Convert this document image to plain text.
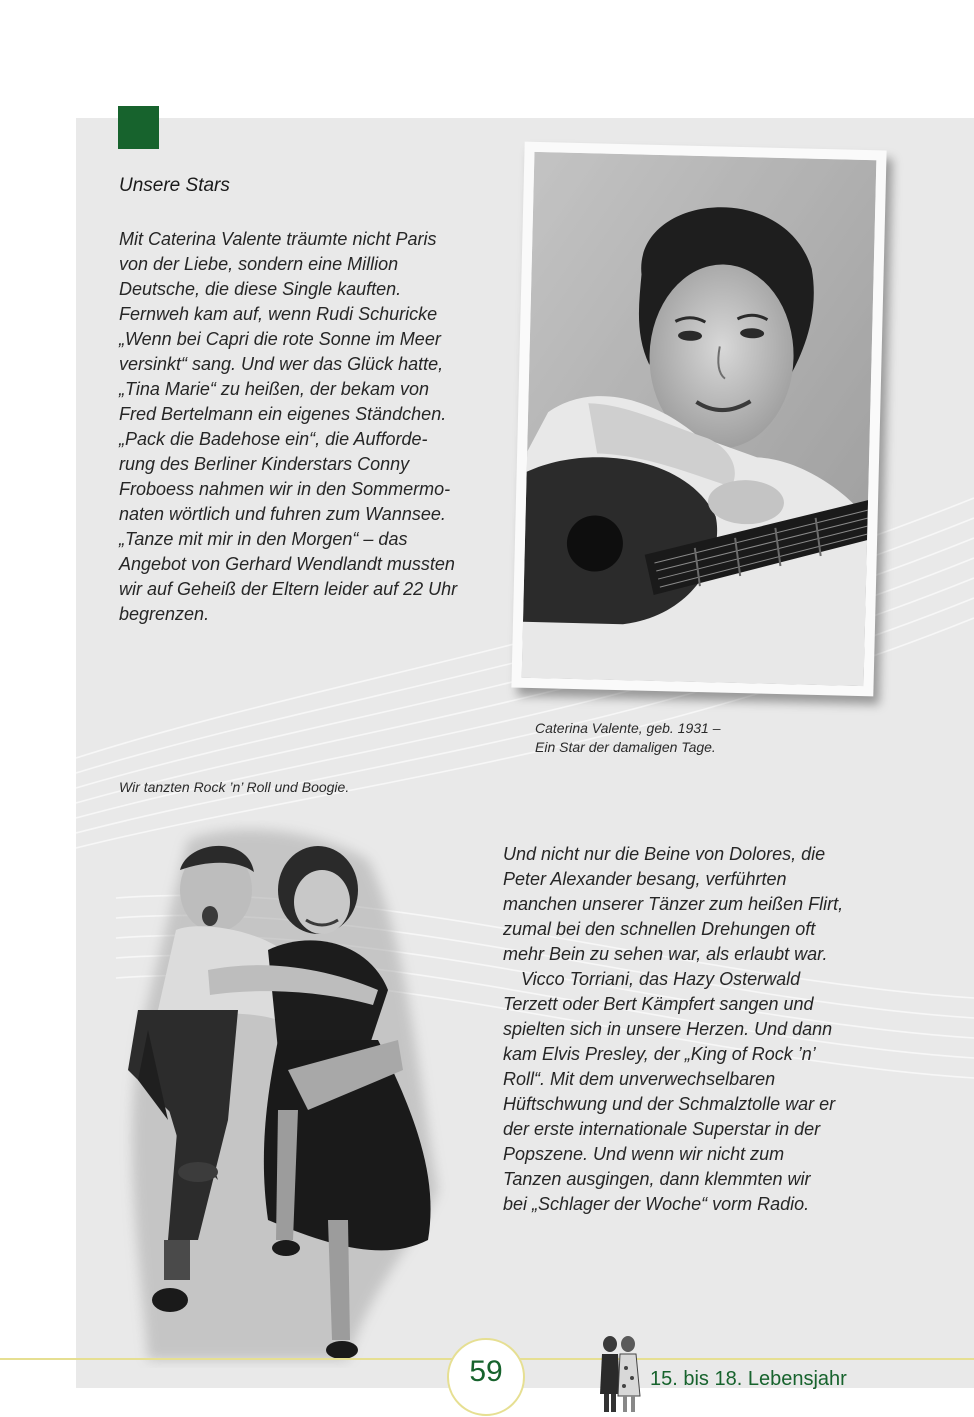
Unsere Stars
Mit Caterina Valente träumte nicht Paris
von der Liebe, sondern eine Million
Deutsche, die diese Single kauften.
Fernweh kam auf, wenn Rudi Schuricke
„Wenn bei Capri die rote Sonne im Meer
versinkt“ sang. Und wer das Glück hatte,
„Tina Marie“ zu heißen, der bekam von
Fred Bertelmann ein eigenes Ständchen.
„Pack die Badehose ein“, die Aufforde-
rung des Berliner Kinderstars Conny
Froboess nahmen wir in den Sommermo-
naten wörtlich und fuhren zum Wannsee.
„Tanze mit mir in den Morgen“ – das
Angebot von Gerhard Wendlandt mussten
wir auf Geheiß der Eltern leider auf 22 Uhr
begrenzen.
Caterina Valente, geb. 1931 –
Ein Star der damaligen Tage.
Wir tanzten Rock ’n’ Roll und Boogie.
Und nicht nur die Beine von Dolores, die
Peter Alexander besang, verführten
manchen unserer Tänzer zum heißen Flirt,
zumal bei den schnellen Drehungen oft
mehr Bein zu sehen war, als erlaubt war.
Vicco Torriani, das Hazy Osterwald
Terzett oder Bert Kämpfert sangen und
spielten sich in unsere Herzen. Und dann
kam Elvis Presley, der „King of Rock ’n’
Roll“. Mit dem unverwechselbaren
Hüftschwung und der Schmalztolle war er
der erste internationale Superstar in der
Popszene. Und wenn wir nicht zum
Tanzen ausgingen, dann klemmten wir
bei „Schlager der Woche“ vorm Radio.
59	15. bis 18. Lebensjahr
